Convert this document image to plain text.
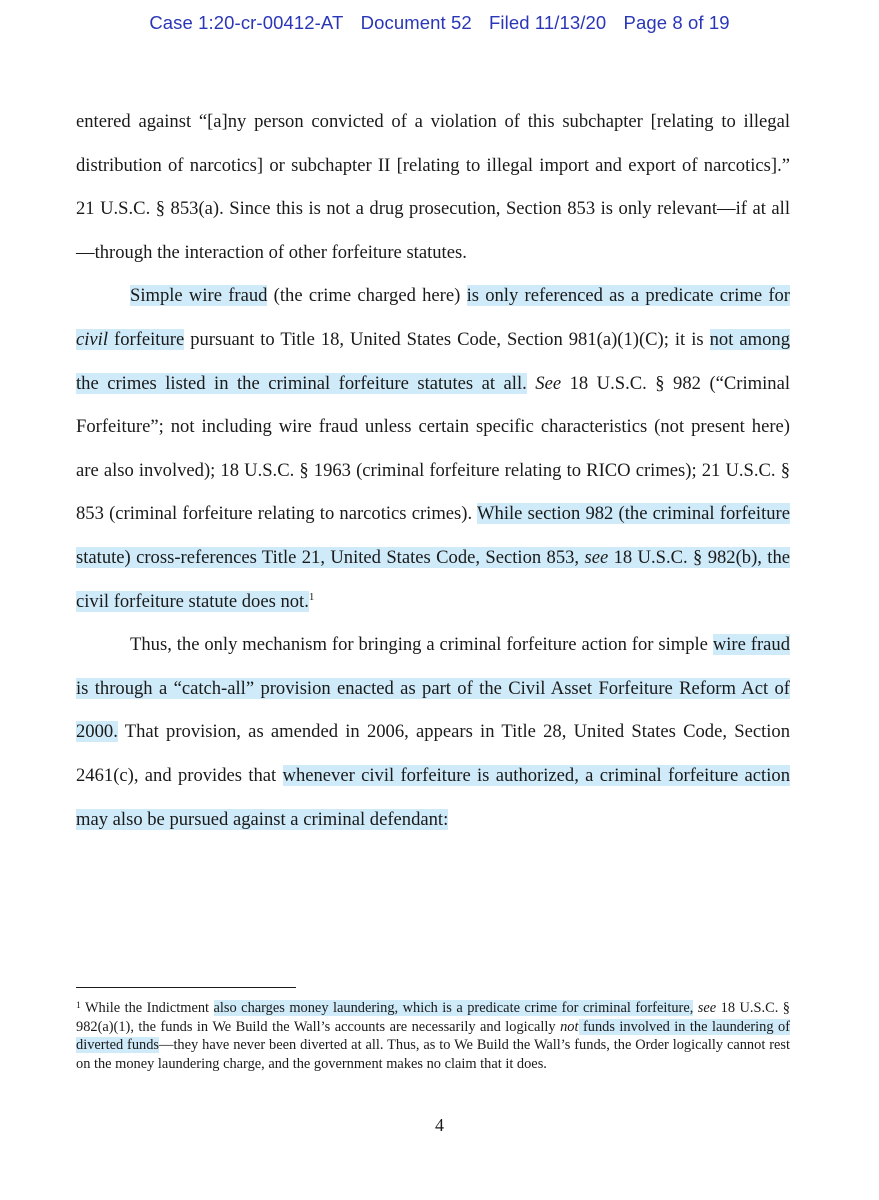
Case 1:20-cr-00412-AT Document 52 Filed 11/13/20 Page 8 of 19

entered against “[a]ny person convicted of a violation of this subchapter [relating to illegal distribution of narcotics] or subchapter II [relating to illegal import and export of narcotics].” 21 U.S.C. § 853(a). Since this is not a drug prosecution, Section 853 is only relevant—if at all—through the interaction of other forfeiture statutes.

Simple wire fraud (the crime charged here) is only referenced as a predicate crime for civil forfeiture pursuant to Title 18, United States Code, Section 981(a)(1)(C); it is not among the crimes listed in the criminal forfeiture statutes at all. See 18 U.S.C. § 982 (“Criminal Forfeiture”; not including wire fraud unless certain specific characteristics (not present here) are also involved); 18 U.S.C. § 1963 (criminal forfeiture relating to RICO crimes); 21 U.S.C. § 853 (criminal forfeiture relating to narcotics crimes). While section 982 (the criminal forfeiture statute) cross-references Title 21, United States Code, Section 853, see 18 U.S.C. § 982(b), the civil forfeiture statute does not.$^1$

Thus, the only mechanism for bringing a criminal forfeiture action for simple wire fraud is through a “catch-all” provision enacted as part of the Civil Asset Forfeiture Reform Act of 2000. That provision, as amended in 2006, appears in Title 28, United States Code, Section 2461(c), and provides that whenever civil forfeiture is authorized, a criminal forfeiture action may also be pursued against a criminal defendant:

$^1$ While the Indictment also charges money laundering, which is a predicate crime for criminal forfeiture, see 18 U.S.C. § 982(a)(1), the funds in We Build the Wall’s accounts are necessarily and logically not funds involved in the laundering of diverted funds—they have never been diverted at all. Thus, as to We Build the Wall’s funds, the Order logically cannot rest on the money laundering charge, and the government makes no claim that it does.
4
